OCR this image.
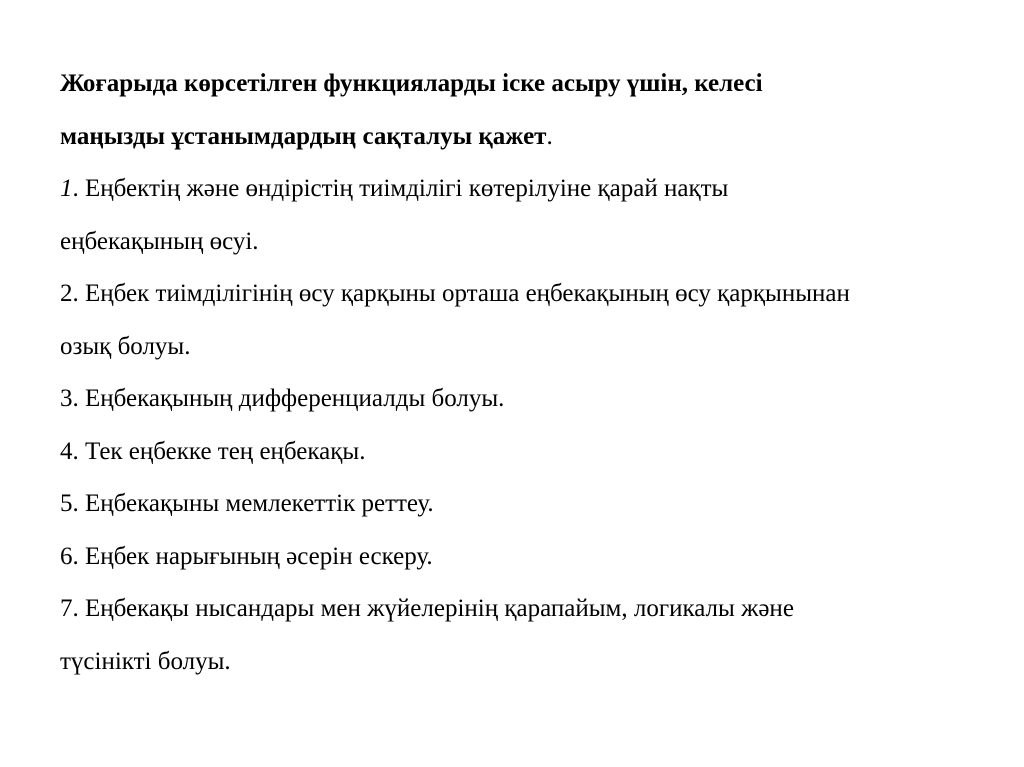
Жоғарыда көрсетілген функцияларды іске асыру үшін, келесі
маңызды ұстанымдардың сақталуы қажет.
1. Еңбектің және өндірістің тиімділігі көтерілуіне қарай нақты
еңбекақының өсуі.
2. Еңбек тиімділігінің өсу қарқыны орташа еңбекақының өсу қарқынынан
озық болуы.
3. Еңбекақының дифференциалды болуы.
4. Тек еңбекке тең еңбекақы.
5. Еңбекақыны мемлекеттік реттеу.
6. Еңбек нарығының әсерін ескеру.
7. Еңбекақы нысандары мен жүйелерінің қарапайым, логикалы және
түсінікті болуы.
